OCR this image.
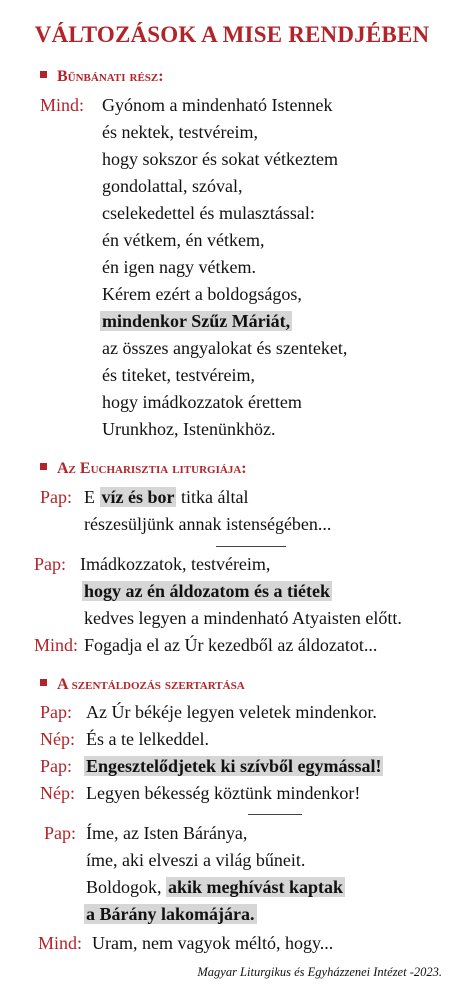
VÁLTOZÁSOK A MISE RENDJÉBEN
Bűnbánati rész:
Mind: Gyónom a mindenható Istennek
és nektek, testvéreim,
hogy sokszor és sokat vétkeztem
gondolattal, szóval,
cselekedettel és mulasztással:
én vétkem, én vétkem,
én igen nagy vétkem.
Kérem ezért a boldogságos,
mindenkor Szűz Máriát,
az összes angyalokat és szenteket,
és titeket, testvéreim,
hogy imádkozzatok érettem
Urunkhoz, Istenünkhöz.
Az Eucharisztia liturgiája:
Pap: E víz és bor titka által
részesüljünk annak istenségében...
Pap: Imádkozzatok, testvéreim,
hogy az én áldozatom és a tiétek
kedves legyen a mindenható Atyaisten előtt.
Mind: Fogadja el az Úr kezedből az áldozatot...
A szentáldozás szertartása
Pap: Az Úr békéje legyen veletek mindenkor.
Nép: És a te lelkeddel.
Pap: Engesztelődjetek ki szívből egymással!
Nép: Legyen békesség köztünk mindenkor!
Pap: Íme, az Isten Báránya,
íme, aki elveszi a világ bűneit.
Boldogok, akik meghívást kaptak
a Bárány lakomájára.
Mind: Uram, nem vagyok méltó, hogy...
Magyar Liturgikus és Egyházzenei Intézet -2023.
